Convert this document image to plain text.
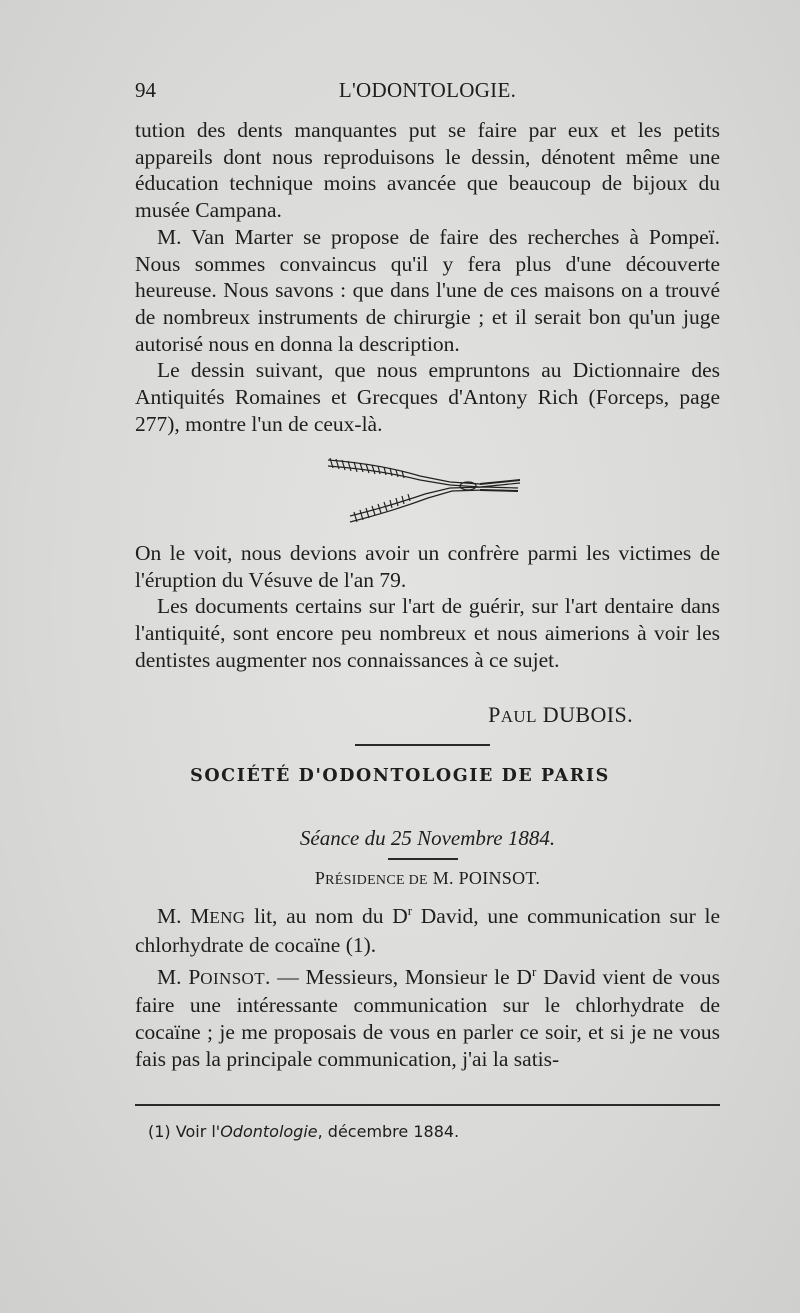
94	L'ODONTOLOGIE.

tution des dents manquantes put se faire par eux et les petits appareils dont nous reproduisons le dessin, dénotent même une éducation technique moins avancée que beaucoup de bijoux du musée Campana.

M. Van Marter se propose de faire des recherches à Pompeï. Nous sommes convaincus qu'il y fera plus d'une découverte heureuse. Nous savons : que dans l'une de ces maisons on a trouvé de nombreux instruments de chirurgie ; et il serait bon qu'un juge autorisé nous en donna la description.

Le dessin suivant, que nous empruntons au Dictionnaire des Antiquités Romaines et Grecques d'Antony Rich (Forceps, page 277), montre l'un de ceux-là.

On le voit, nous devions avoir un confrère parmi les victimes de l'éruption du Vésuve de l'an 79.

Les documents certains sur l'art de guérir, sur l'art dentaire dans l'antiquité, sont encore peu nombreux et nous aimerions à voir les dentistes augmenter nos connaissances à ce sujet.

PAUL DUBOIS.
SOCIÉTÉ D'ODONTOLOGIE DE PARIS
Séance du 25 Novembre 1884.
PRÉSIDENCE DE M. POINSOT.

M. MENG lit, au nom du $D^r$ David, une communication sur le chlorhydrate de cocaïne (1).

M. POINSOT. — Messieurs, Monsieur le $D^r$ David vient de vous faire une intéressante communication sur le chlorhydrate de cocaïne ; je me proposais de vous en parler ce soir, et si je ne vous fais pas la principale communication, j'ai la satis-

(1) Voir l'Odontologie, décembre 1884.
